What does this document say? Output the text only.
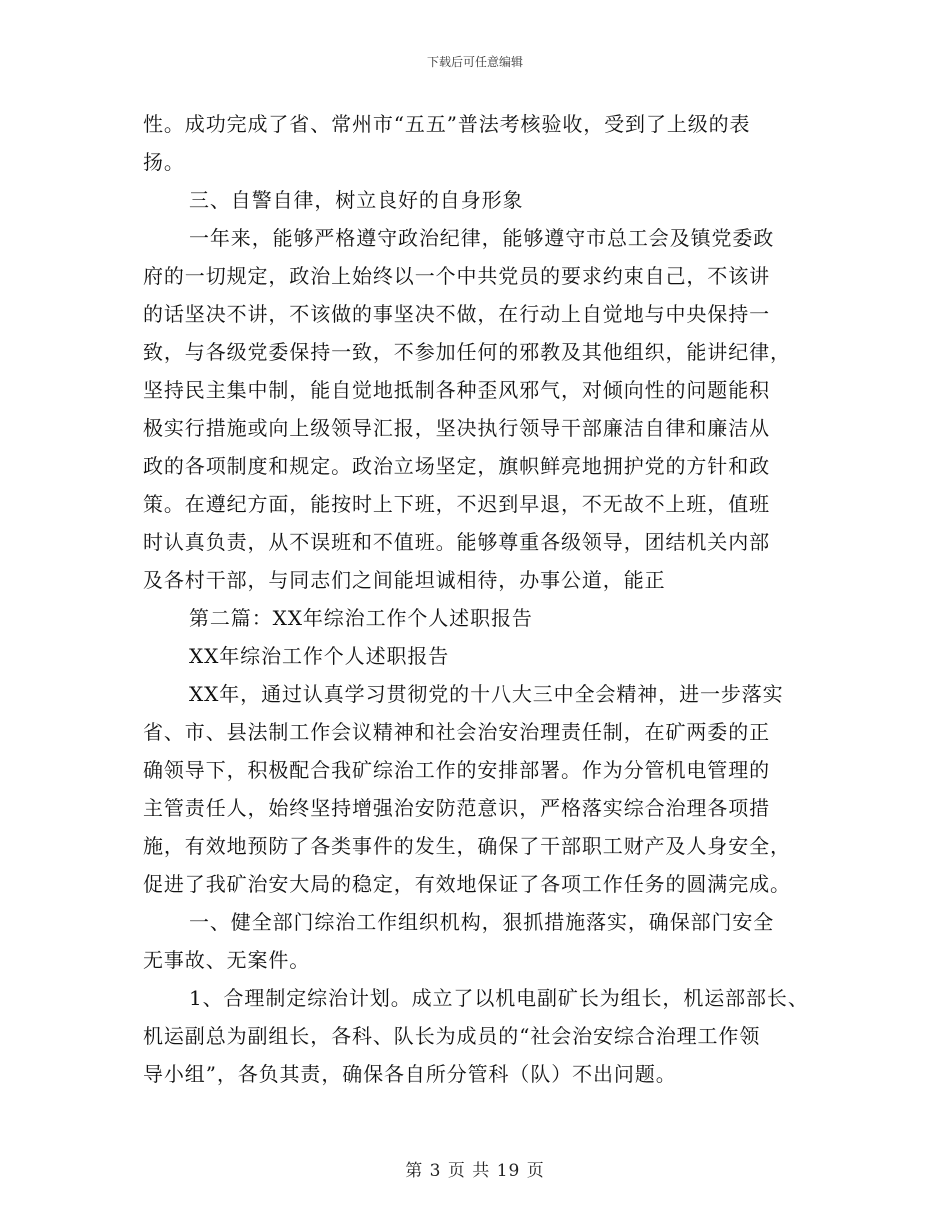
下载后可任意编辑
性。成功完成了省、常州市“五五”普法考核验收，受到了上级的表
扬。
三、自警自律，树立良好的自身形象
一年来，能够严格遵守政治纪律，能够遵守市总工会及镇党委政
府的一切规定，政治上始终以一个中共党员的要求约束自己，不该讲
的话坚决不讲，不该做的事坚决不做，在行动上自觉地与中央保持一
致，与各级党委保持一致，不参加任何的邪教及其他组织，能讲纪律，
坚持民主集中制，能自觉地抵制各种歪风邪气，对倾向性的问题能积
极实行措施或向上级领导汇报，坚决执行领导干部廉洁自律和廉洁从
政的各项制度和规定。政治立场坚定，旗帜鲜亮地拥护党的方针和政
策。在遵纪方面，能按时上下班，不迟到早退，不无故不上班，值班
时认真负责，从不误班和不值班。能够尊重各级领导，团结机关内部
及各村干部，与同志们之间能坦诚相待，办事公道，能正
第二篇：XX年综治工作个人述职报告
XX年综治工作个人述职报告
XX年，通过认真学习贯彻党的十八大三中全会精神，进一步落实
省、市、县法制工作会议精神和社会治安治理责任制，在矿两委的正
确领导下，积极配合我矿综治工作的安排部署。作为分管机电管理的
主管责任人，始终坚持增强治安防范意识，严格落实综合治理各项措
施，有效地预防了各类事件的发生，确保了干部职工财产及人身安全，
促进了我矿治安大局的稳定，有效地保证了各项工作任务的圆满完成。
一、健全部门综治工作组织机构，狠抓措施落实，确保部门安全
无事故、无案件。
1、合理制定综治计划。成立了以机电副矿长为组长，机运部部长、
机运副总为副组长，各科、队长为成员的“社会治安综合治理工作领
导小组”，各负其责，确保各自所分管科（队）不出问题。
第 3 页 共 19 页
